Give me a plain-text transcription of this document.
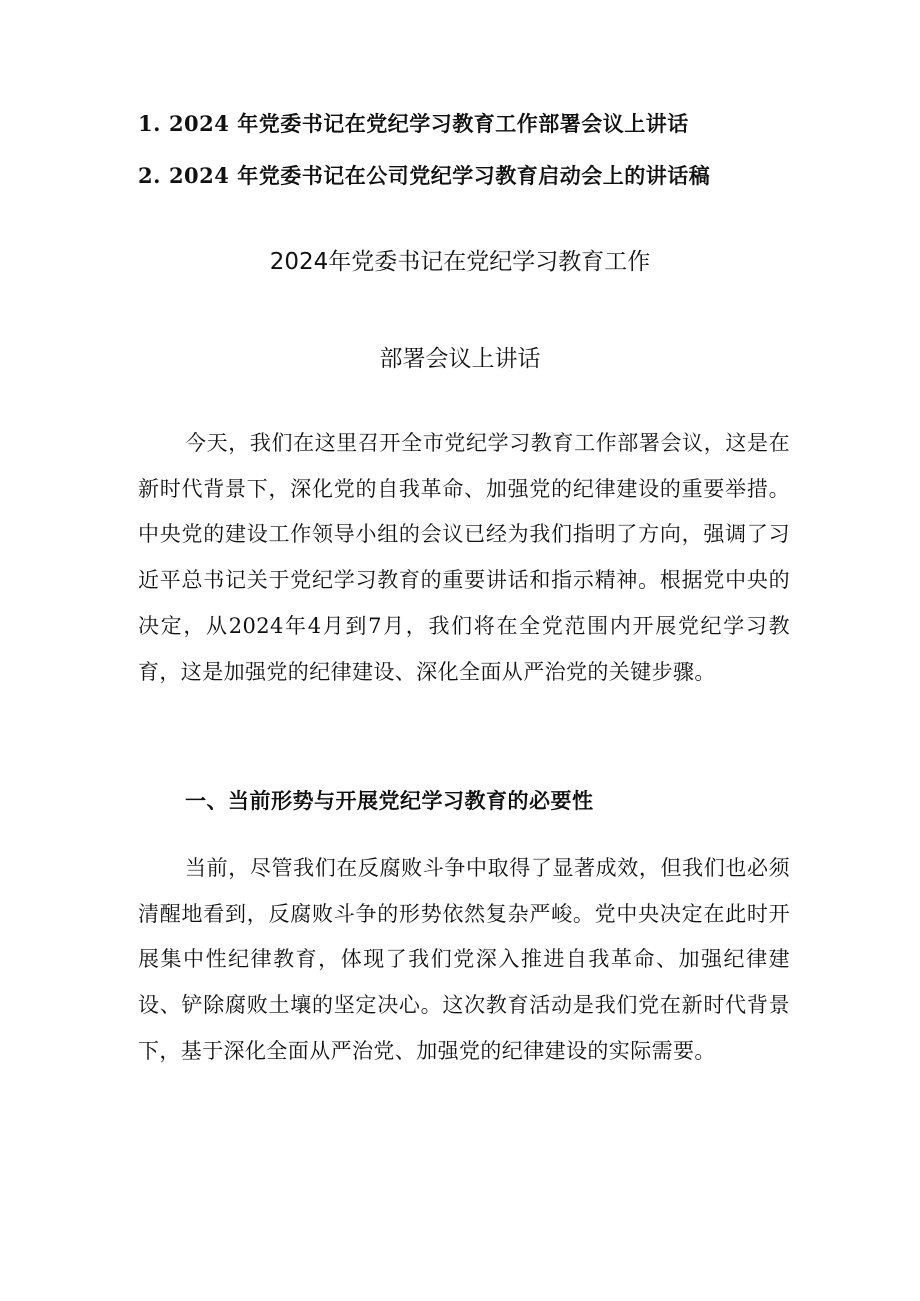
1. 2024 年党委书记在党纪学习教育工作部署会议上讲话
2. 2024 年党委书记在公司党纪学习教育启动会上的讲话稿
2024年党委书记在党纪学习教育工作
部署会议上讲话

今天，我们在这里召开全市党纪学习教育工作部署会议，这是在新时代背景下，深化党的自我革命、加强党的纪律建设的重要举措。中央党的建设工作领导小组的会议已经为我们指明了方向，强调了习近平总书记关于党纪学习教育的重要讲话和指示精神。根据党中央的决定，从2024年4月到7月，我们将在全党范围内开展党纪学习教育，这是加强党的纪律建设、深化全面从严治党的关键步骤。

一、当前形势与开展党纪学习教育的必要性

当前，尽管我们在反腐败斗争中取得了显著成效，但我们也必须清醒地看到，反腐败斗争的形势依然复杂严峻。党中央决定在此时开展集中性纪律教育，体现了我们党深入推进自我革命、加强纪律建设、铲除腐败土壤的坚定决心。这次教育活动是我们党在新时代背景下，基于深化全面从严治党、加强党的纪律建设的实际需要。
